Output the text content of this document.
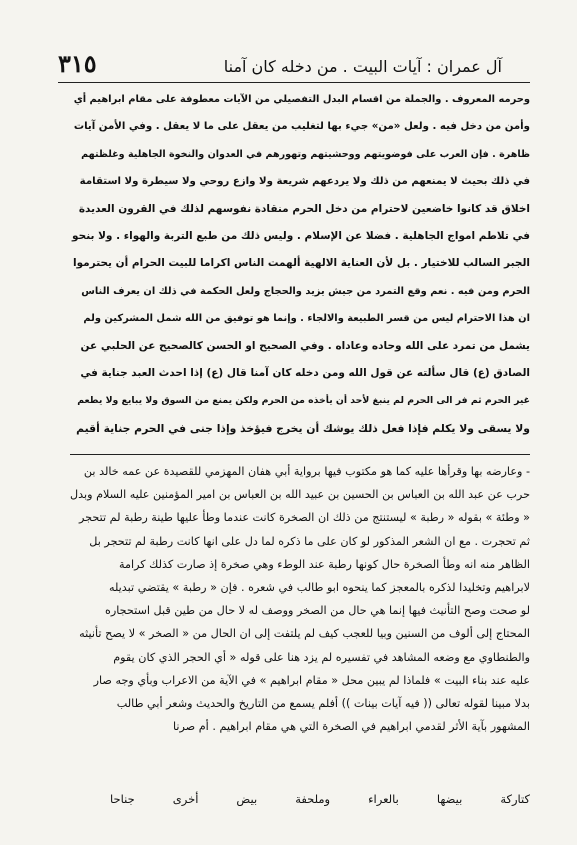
٣١٥	آل عمران : آيات البيت . من دخله كان آمنا
وحرمه المعروف . والجملة من اقسام البدل التفصيلي من الآيات معطوفة على مقام ابراهيم أي
وأمن من دخل فيه . ولعل «من» جيء بها لتغليب من يعقل على ما لا يعقل . وفي الأمن آيات
ظاهرة . فإن العرب على فوضويتهم ووحشيتهم وتهورهم في العدوان والنخوة الجاهلية وغلظتهم
في ذلك بحيث لا يمنعهم من ذلك ولا يردعهم شريعة ولا وازع روحي ولا سيطرة ولا استقامة
اخلاق قد كانوا خاضعين لاحترام من دخل الحرم منقادة نفوسهم لذلك في القرون العديدة
في تلاطم امواج الجاهلية . فضلا عن الإسلام . وليس ذلك من طبع التربة والهواء . ولا بنحو
الجبر السالب للاختيار . بل لأن العناية الالهية ألهمت الناس اكراما للبيت الحرام أن يحترموا
الحرم ومن فيه . نعم وقع التمرد من جيش يزيد والحجاج ولعل الحكمة في ذلك ان يعرف الناس
ان هذا الاحترام ليس من قسر الطبيعة والالجاء . وإنما هو توفيق من الله شمل المشركين ولم
يشمل من تمرد على الله وحاده وعاداه . وفي الصحيح او الحسن كالصحيح عن الحلبي عن
الصادق (ع) قال سألته عن قول الله ومن دخله كان آمنا قال (ع) إذا احدث العبد جناية في
غير الحرم ثم فر الى الحرم لم ينبغ لأحد أن يأخذه من الحرم ولكن يمنع من السوق ولا يبايع ولا يطعم
ولا يسقى ولا يكلم فإذا فعل ذلك يوشك أن يخرج فيؤخذ وإذا جنى في الحرم جناية أقيم
- وعارضه بها وقرأها عليه كما هو مكتوب فيها برواية أبي هفان المهزمي للقصيدة عن عمه خالد بن
حرب عن عبد الله بن العباس بن الحسين بن عبيد الله بن العباس بن امير المؤمنين عليه السلام وبدل
« وطئة » بقوله « رطبة » ليستنتج من ذلك ان الصخرة كانت عندما وطأ عليها طينة رطبة لم تتحجر
ثم تحجرت . مع ان الشعر المذكور لو كان على ما ذكره لما دل على انها كانت رطبة لم تتحجر بل
الظاهر منه انه وطأ الصخرة حال كونها رطبة عند الوطء وهي صخرة إذ صارت كذلك كرامة
لابراهيم وتخليدا لذكره بالمعجز كما ينحوه ابو طالب في شعره . فإن « رطبة » يقتضي تبديله
لو صحت وصح التأنيث فيها إنما هي حال من الصخر ووصف له لا حال من طين قبل استحجاره
المحتاج إلى ألوف من السنين وبيا للعجب كيف لم يلتفت إلى ان الحال من « الصخر » لا يصح تأنيثه
والطنطاوي مع وضعه المشاهد في تفسيره لم يزد هنا على قوله « أي الحجر الذي كان يقوم
عليه عند بناء البيت » فلماذا لم يبين محل « مقام ابراهيم » في الآية من الاعراب وبأي وجه صار
بدلا مبينا لقوله تعالى (( فيه آيات بينات )) أفلم يسمع من التاريخ والحديث وشعر أبي طالب
المشهور بآية الأثر لقدمي ابراهيم في الصخرة التي هي مقام ابراهيم . أم صرنا
كتاركة
بيضها
بالعراء
وملحفة
بيض
أخرى
جناحا
